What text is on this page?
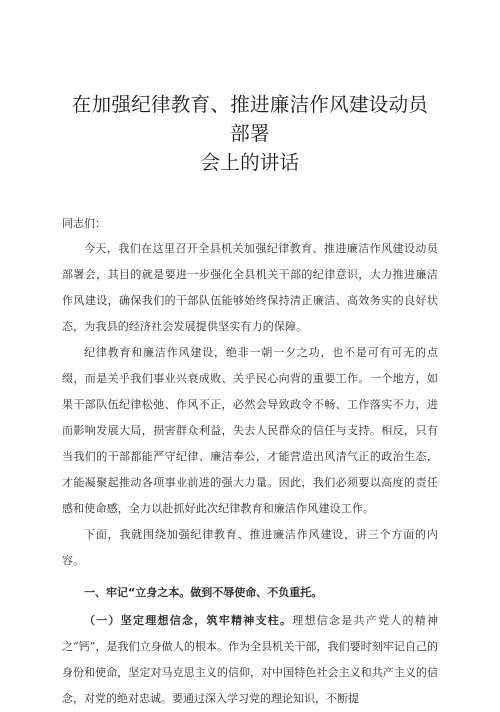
在加强纪律教育、推进廉洁作风建设动员部署
会上的讲话
同志们：

今天，我们在这里召开全县机关加强纪律教育、推进廉洁作风建设动员部署会，其目的就是要进一步强化全县机关干部的纪律意识，大力推进廉洁作风建设，确保我们的干部队伍能够始终保持清正廉洁、高效务实的良好状态，为我县的经济社会发展提供坚实有力的保障。

纪律教育和廉洁作风建设，绝非一朝一夕之功，也不是可有可无的点缀，而是关乎我们事业兴衰成败、关乎民心向背的重要工作。一个地方，如果干部队伍纪律松弛、作风不正，必然会导致政令不畅、工作落实不力，进而影响发展大局，损害群众利益，失去人民群众的信任与支持。相反，只有当我们的干部都能严守纪律、廉洁奉公，才能营造出风清气正的政治生态，才能凝聚起推动各项事业前进的强大力量。因此，我们必须要以高度的责任感和使命感，全力以赴抓好此次纪律教育和廉洁作风建设工作。

下面，我就围绕加强纪律教育、推进廉洁作风建设，讲三个方面的内容。

一、牢记“立身之本。做到不辱使命、不负重托。

（一）坚定理想信念，筑牢精神支柱。理想信念是共产党人的精神之“钙”，是我们立身做人的根本。作为全县机关干部，我们要时刻牢记自己的身份和使命，坚定对马克思主义的信仰，对中国特色社会主义和共产主义的信念，对党的绝对忠诚。要通过深入学习党的理论知识，不断提
